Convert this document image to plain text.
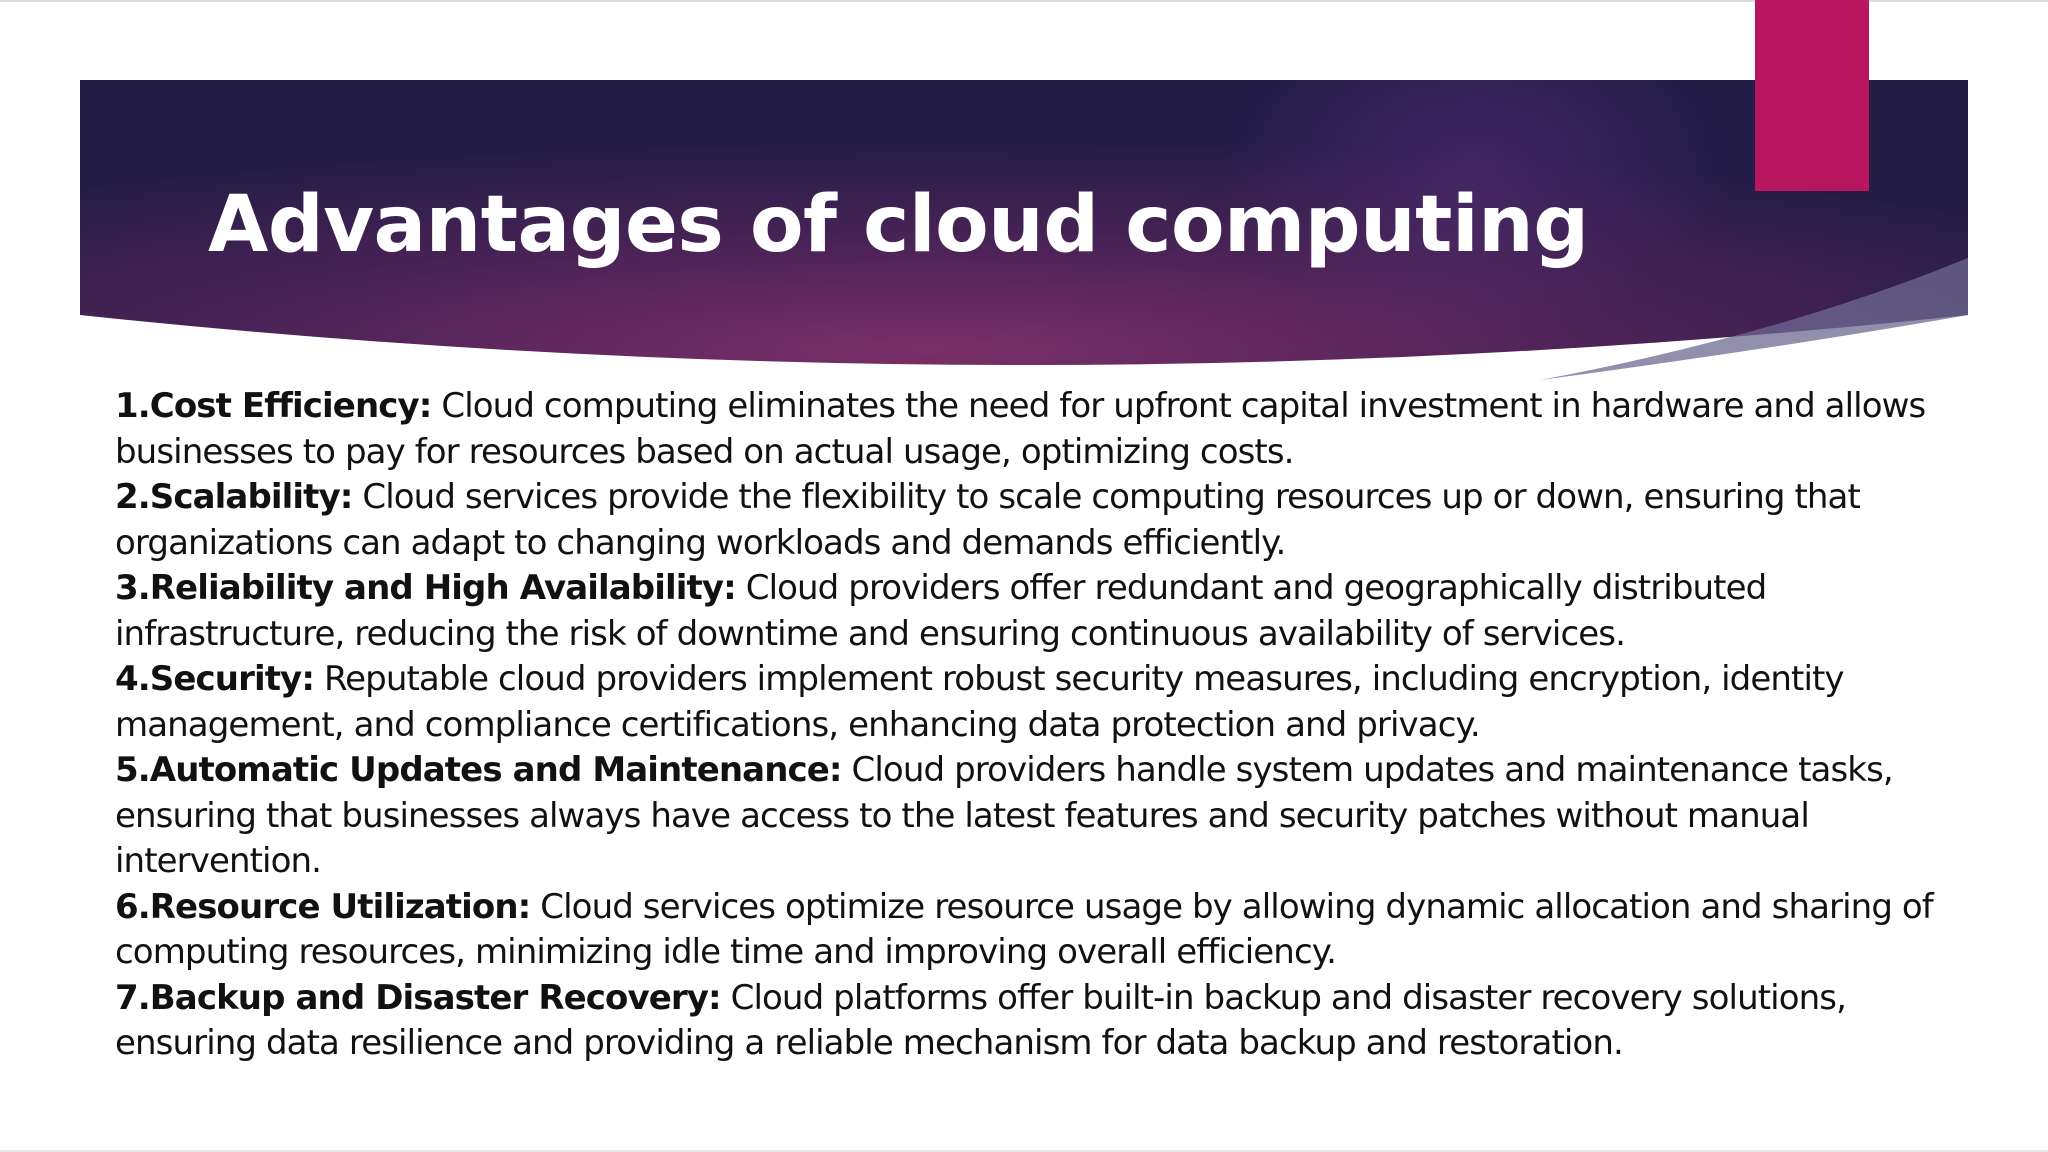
Advantages of cloud computing

1.Cost Efficiency: Cloud computing eliminates the need for upfront capital investment in hardware and allows businesses to pay for resources based on actual usage, optimizing costs.

2.Scalability: Cloud services provide the flexibility to scale computing resources up or down, ensuring that organizations can adapt to changing workloads and demands efficiently.

3.Reliability and High Availability: Cloud providers offer redundant and geographically distributed infrastructure, reducing the risk of downtime and ensuring continuous availability of services.

4.Security: Reputable cloud providers implement robust security measures, including encryption, identity management, and compliance certifications, enhancing data protection and privacy.

5.Automatic Updates and Maintenance: Cloud providers handle system updates and maintenance tasks, ensuring that businesses always have access to the latest features and security patches without manual intervention.

6.Resource Utilization: Cloud services optimize resource usage by allowing dynamic allocation and sharing of computing resources, minimizing idle time and improving overall efficiency.

7.Backup and Disaster Recovery: Cloud platforms offer built-in backup and disaster recovery solutions, ensuring data resilience and providing a reliable mechanism for data backup and restoration.
